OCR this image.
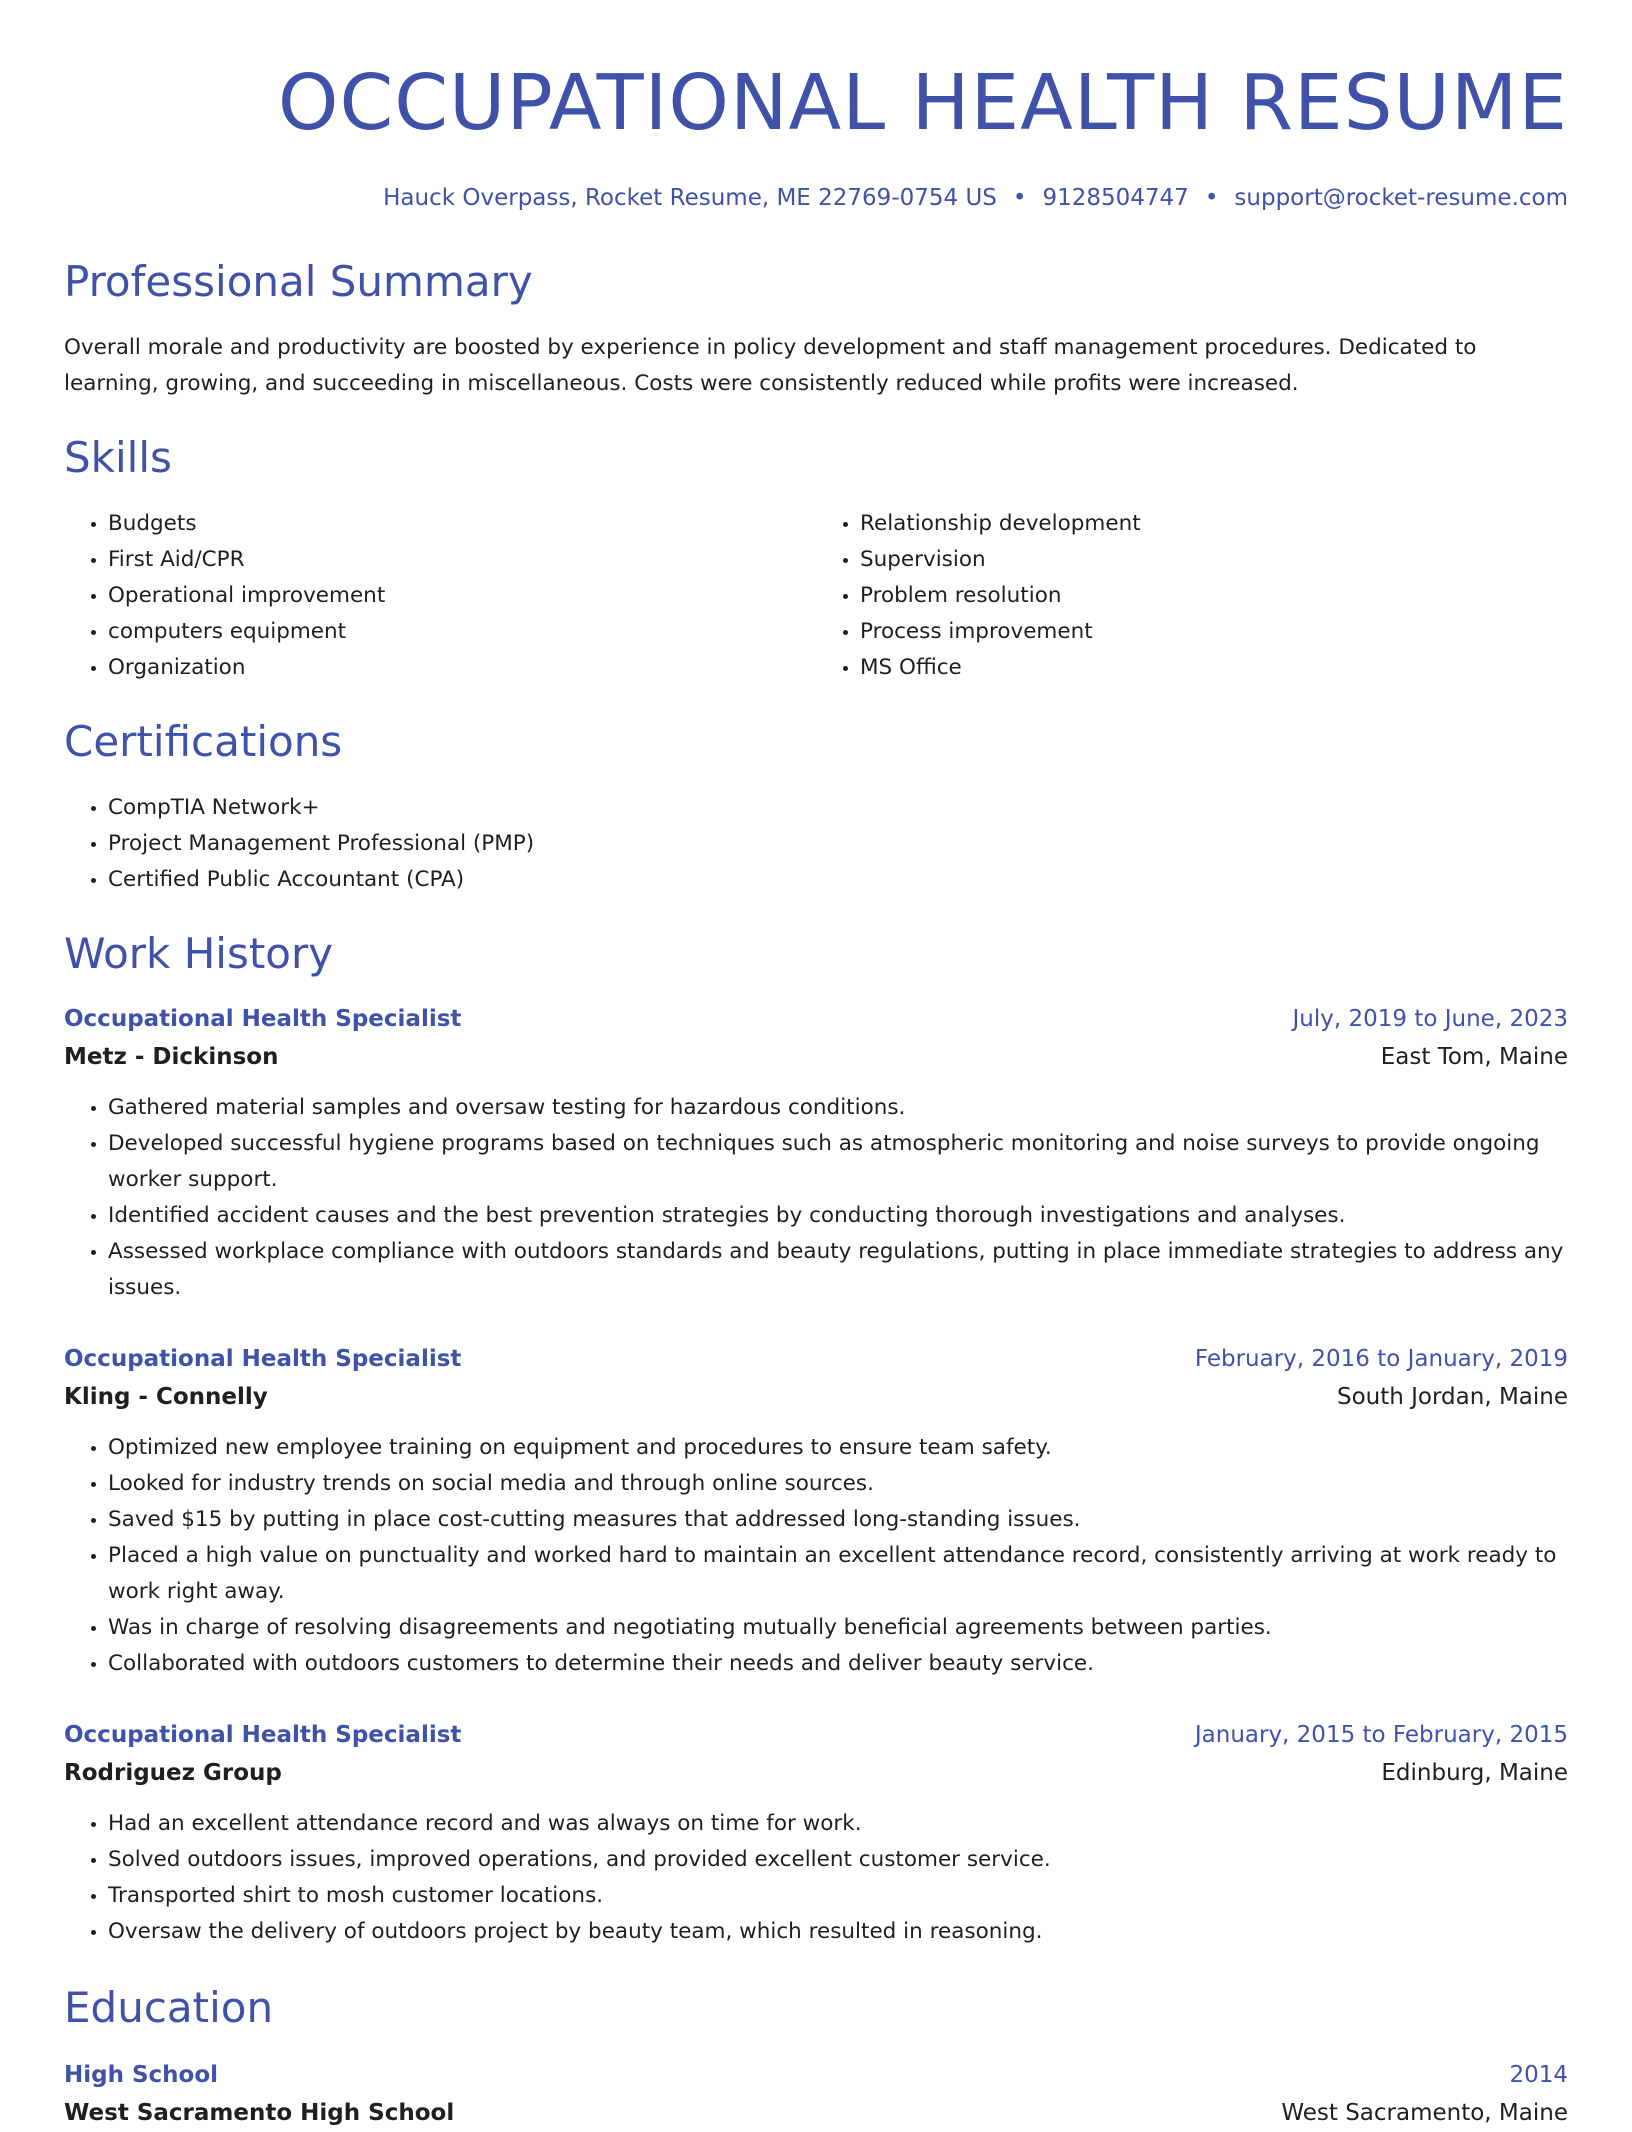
OCCUPATIONAL HEALTH RESUME
Hauck Overpass, Rocket Resume, ME 22769-0754 US • 9128504747 • support@rocket-resume.com
Professional Summary
Overall morale and productivity are boosted by experience in policy development and staff management procedures. Dedicated to learning, growing, and succeeding in miscellaneous. Costs were consistently reduced while profits were increased.
Skills
• Budgets
• First Aid/CPR
• Operational improvement
• computers equipment
• Organization
• Relationship development
• Supervision
• Problem resolution
• Process improvement
• MS Office
Certifications
• CompTIA Network+
• Project Management Professional (PMP)
• Certified Public Accountant (CPA)
Work History
Occupational Health Specialist	July, 2019 to June, 2023
Metz - Dickinson	East Tom, Maine
• Gathered material samples and oversaw testing for hazardous conditions.
• Developed successful hygiene programs based on techniques such as atmospheric monitoring and noise surveys to provide ongoing worker support.
• Identified accident causes and the best prevention strategies by conducting thorough investigations and analyses.
• Assessed workplace compliance with outdoors standards and beauty regulations, putting in place immediate strategies to address any issues.
Occupational Health Specialist	February, 2016 to January, 2019
Kling - Connelly	South Jordan, Maine
• Optimized new employee training on equipment and procedures to ensure team safety.
• Looked for industry trends on social media and through online sources.
• Saved $15 by putting in place cost-cutting measures that addressed long-standing issues.
• Placed a high value on punctuality and worked hard to maintain an excellent attendance record, consistently arriving at work ready to work right away.
• Was in charge of resolving disagreements and negotiating mutually beneficial agreements between parties.
• Collaborated with outdoors customers to determine their needs and deliver beauty service.
Occupational Health Specialist	January, 2015 to February, 2015
Rodriguez Group	Edinburg, Maine
• Had an excellent attendance record and was always on time for work.
• Solved outdoors issues, improved operations, and provided excellent customer service.
• Transported shirt to mosh customer locations.
• Oversaw the delivery of outdoors project by beauty team, which resulted in reasoning.
Education
High School	2014
West Sacramento High School	West Sacramento, Maine
